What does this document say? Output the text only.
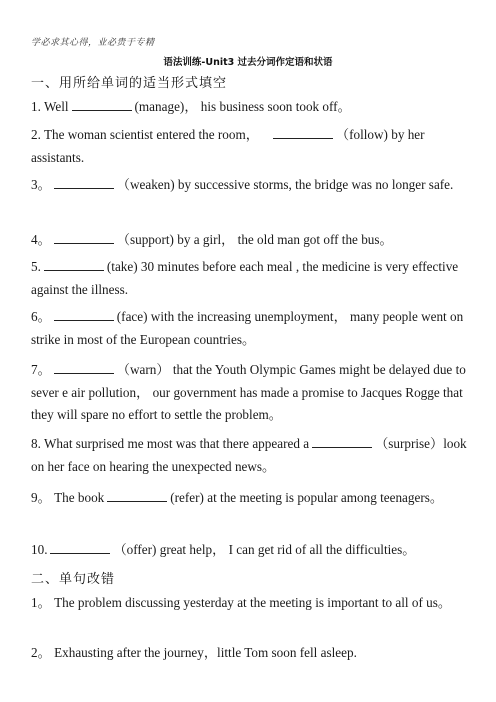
学必求其心得，业必贵于专精
语法训练-Unit3 过去分词作定语和状语
一、用所给单词的适当形式填空
1. Well	(manage)， his business soon took off。
2. The woman scientist entered the room，	（follow) by her assistants.
3。	（weaken) by successive storms, the bridge was no longer safe.
4。	（support) by a girl， the old man got off the bus。
5.	(take) 30 minutes before each meal , the medicine is very effective against the illness.
6。	(face) with the increasing unemployment， many people went on strike in most of the European countries。
7。	（warn） that the Youth Olympic Games might be delayed due to sever e air pollution， our government has made a promise to Jacques Rogge that they will spare no effort to settle the problem。
8. What surprised me most was that there appeared a	（surprise）look on her face on hearing the unexpected news。
9。 The book	(refer) at the meeting is popular among teenagers。
10.	（offer) great help， I can get rid of all the difficulties。
二、单句改错
1。 The problem discussing yesterday at the meeting is important to all of us。
2。 Exhausting after the journey，little Tom soon fell asleep.
